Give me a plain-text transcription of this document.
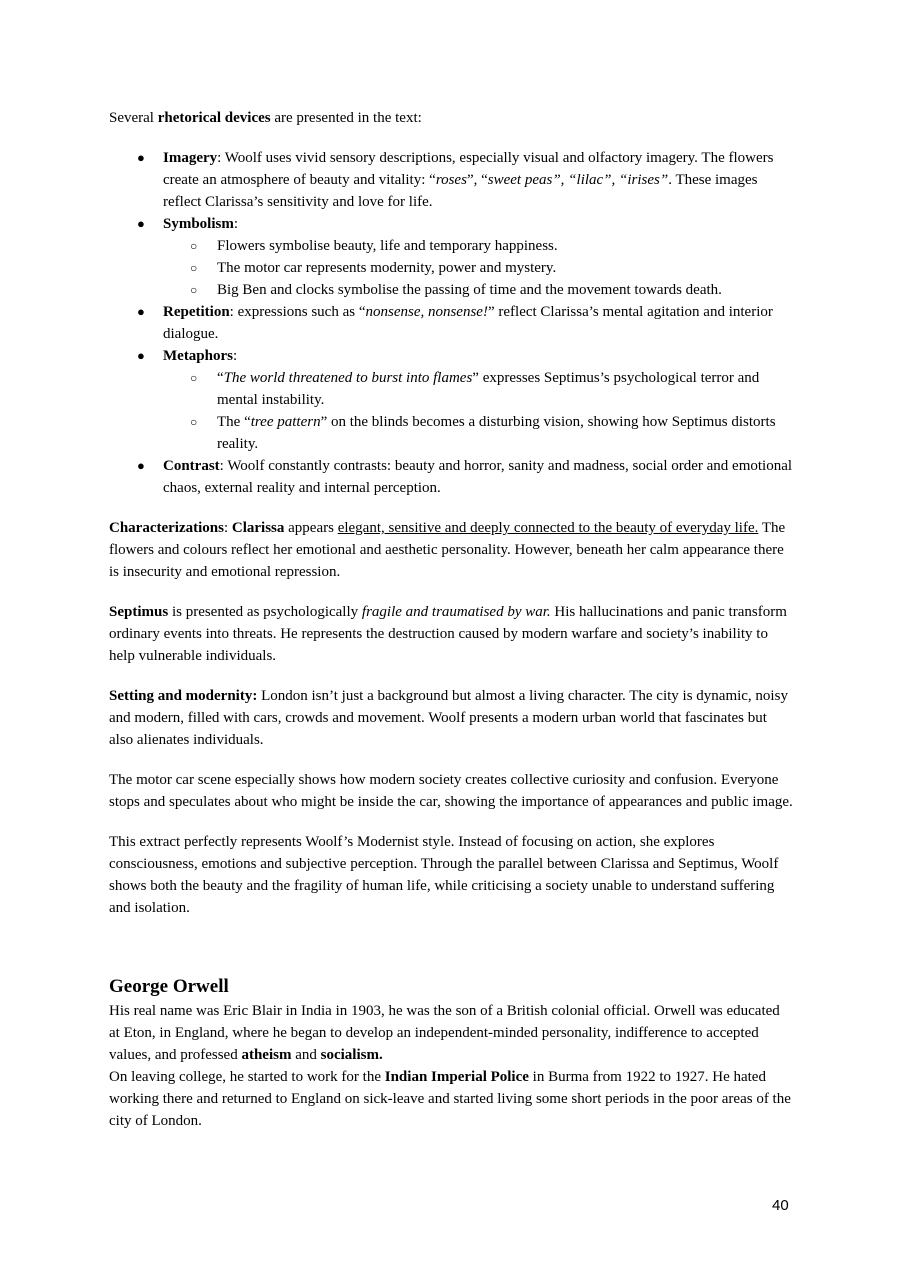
Several rhetorical devices are presented in the text:

● Imagery: Woolf uses vivid sensory descriptions, especially visual and olfactory imagery. The flowers create an atmosphere of beauty and vitality: “roses”, “sweet peas”, “lilac”, “irises”. These images reflect Clarissa’s sensitivity and love for life.
● Symbolism:
○ Flowers symbolise beauty, life and temporary happiness.
○ The motor car represents modernity, power and mystery.
○ Big Ben and clocks symbolise the passing of time and the movement towards death.
● Repetition: expressions such as “nonsense, nonsense!” reflect Clarissa’s mental agitation and interior dialogue.
● Metaphors:
○ “The world threatened to burst into flames” expresses Septimus’s psychological terror and mental instability.
○ The “tree pattern” on the blinds becomes a disturbing vision, showing how Septimus distorts reality.
● Contrast: Woolf constantly contrasts: beauty and horror, sanity and madness, social order and emotional chaos, external reality and internal perception.

Characterizations: Clarissa appears elegant, sensitive and deeply connected to the beauty of everyday life. The flowers and colours reflect her emotional and aesthetic personality. However, beneath her calm appearance there is insecurity and emotional repression.

Septimus is presented as psychologically fragile and traumatised by war. His hallucinations and panic transform ordinary events into threats. He represents the destruction caused by modern warfare and society’s inability to help vulnerable individuals.

Setting and modernity: London isn’t just a background but almost a living character. The city is dynamic, noisy and modern, filled with cars, crowds and movement. Woolf presents a modern urban world that fascinates but also alienates individuals.

The motor car scene especially shows how modern society creates collective curiosity and confusion. Everyone stops and speculates about who might be inside the car, showing the importance of appearances and public image.

This extract perfectly represents Woolf’s Modernist style. Instead of focusing on action, she explores consciousness, emotions and subjective perception. Through the parallel between Clarissa and Septimus, Woolf shows both the beauty and the fragility of human life, while criticising a society unable to understand suffering and isolation.

George Orwell

His real name was Eric Blair in India in 1903, he was the son of a British colonial official. Orwell was educated at Eton, in England, where he began to develop an independent-minded personality, indifference to accepted values, and professed atheism and socialism.

On leaving college, he started to work for the Indian Imperial Police in Burma from 1922 to 1927. He hated working there and returned to England on sick-leave and started living some short periods in the poor areas of the city of London.

40
